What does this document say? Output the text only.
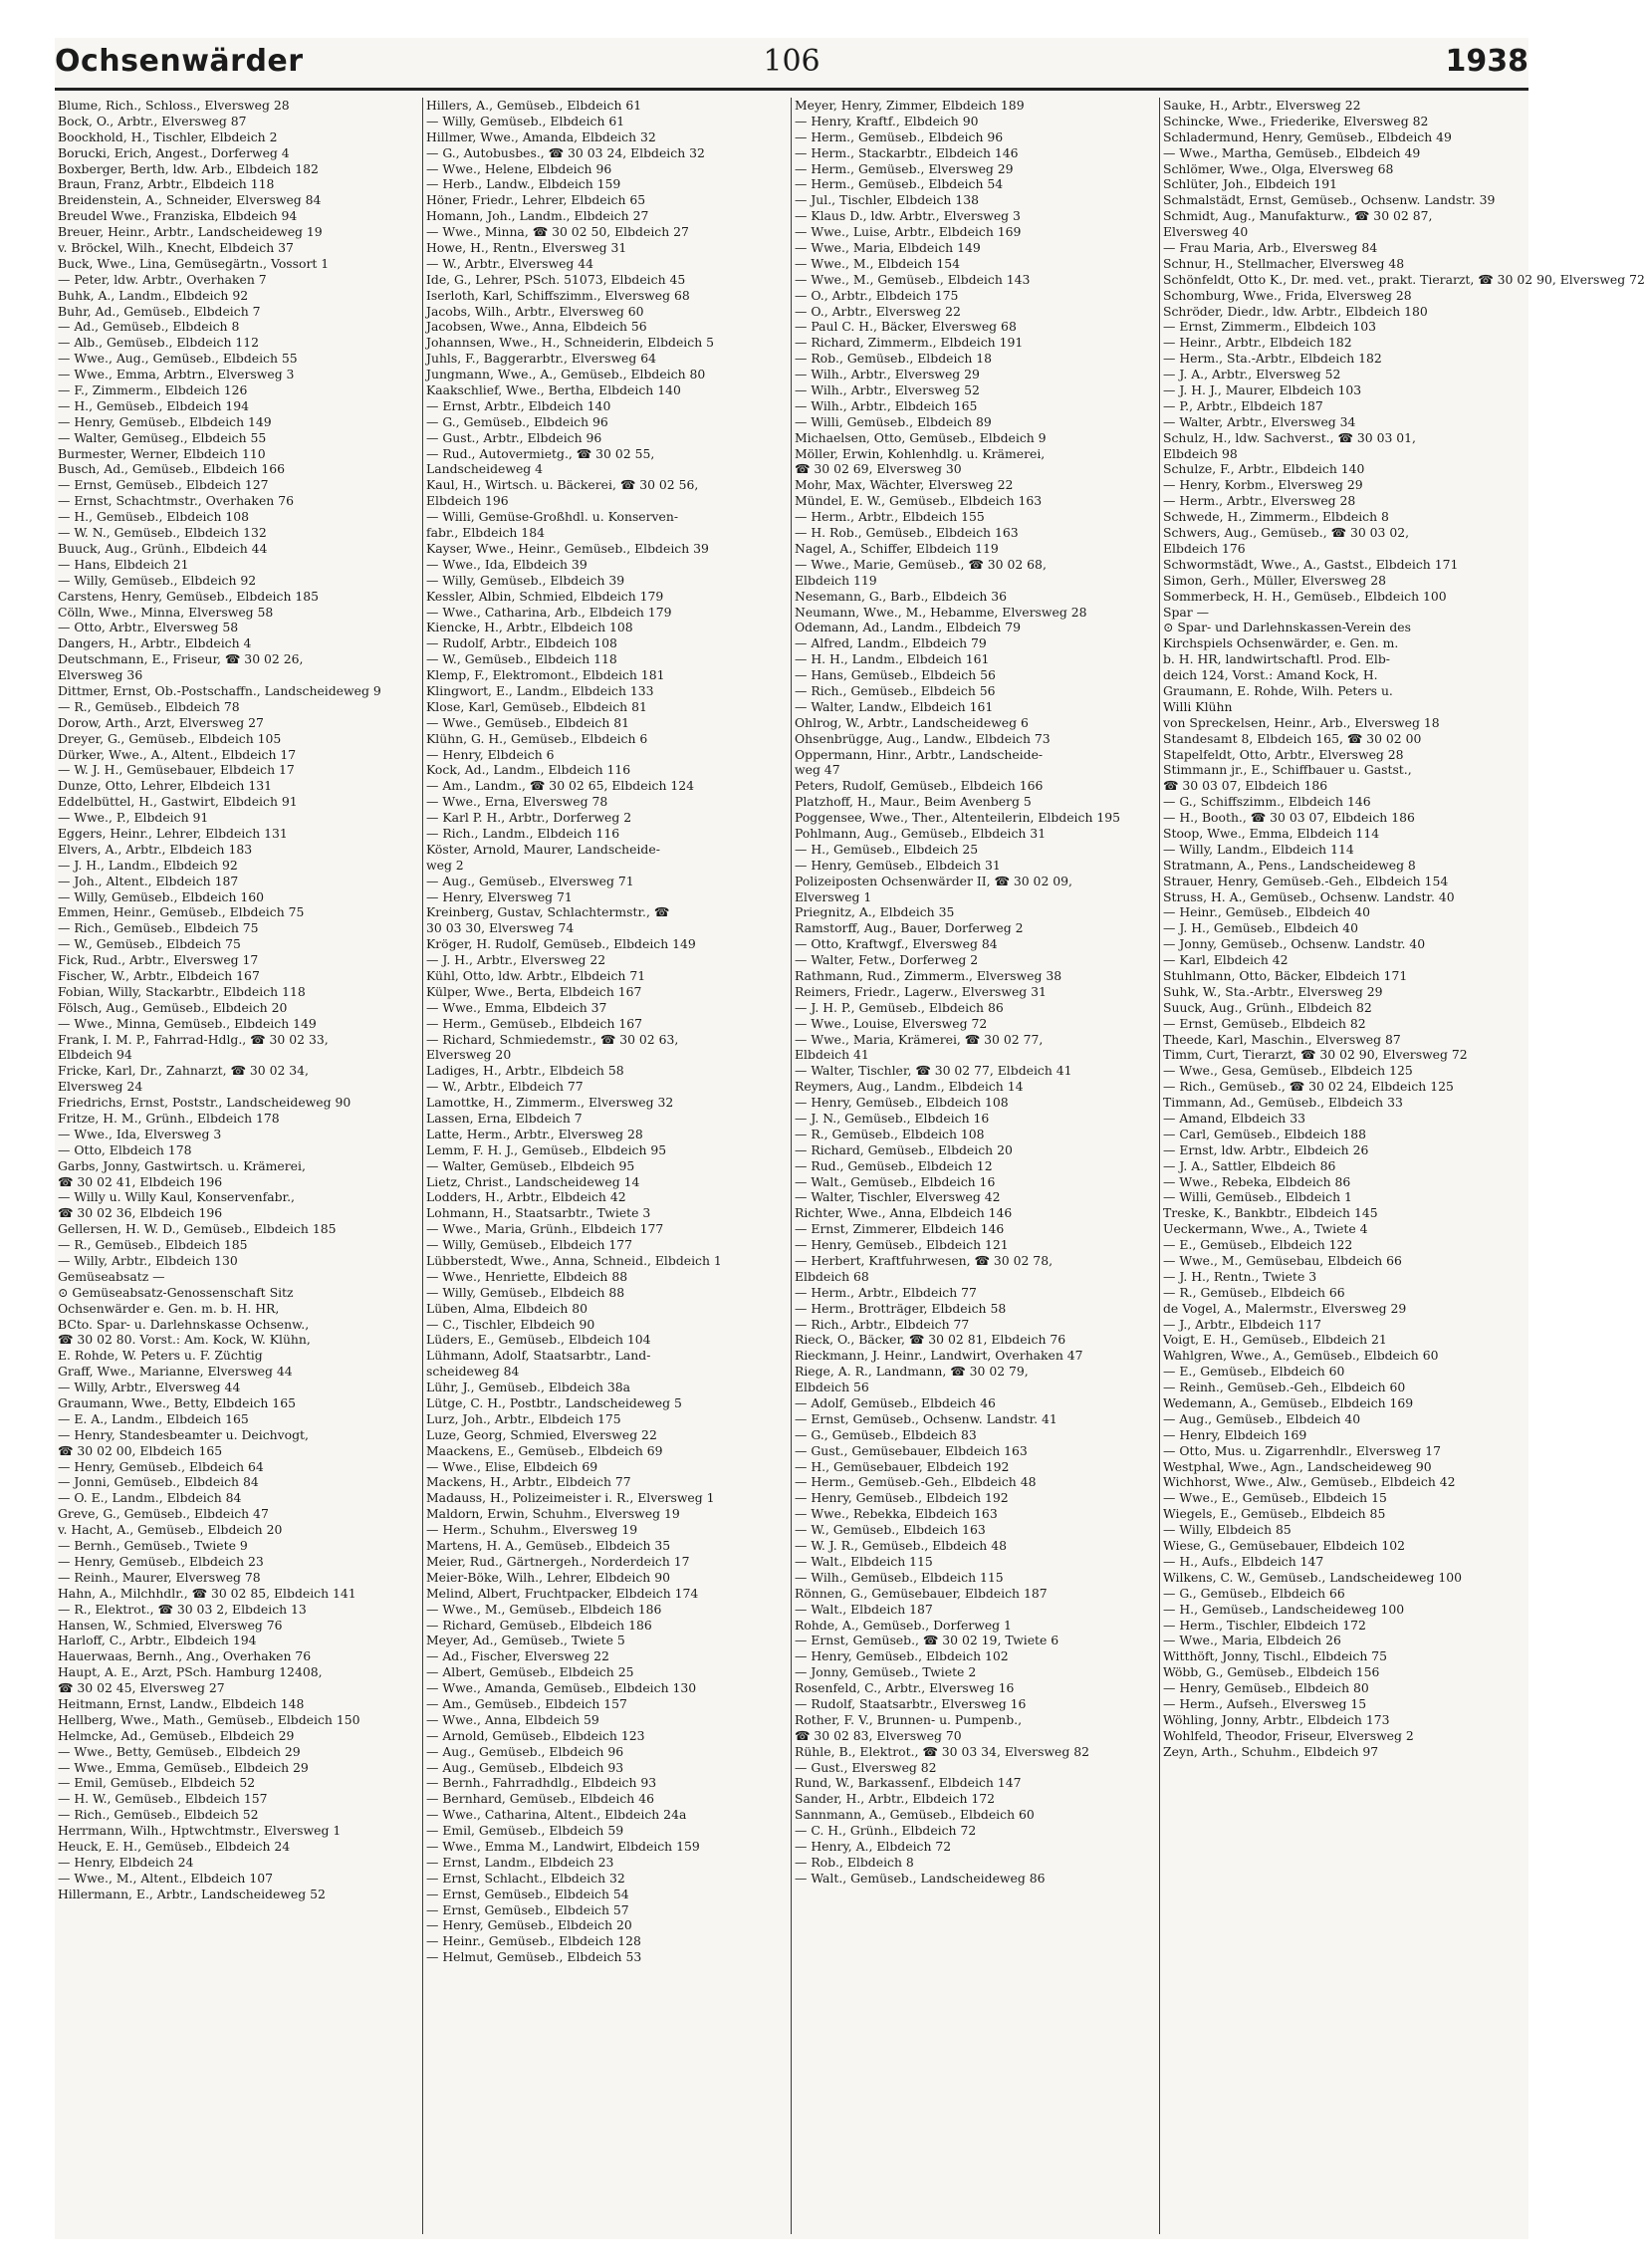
Ochsenwärder	106	1938
Blume, Rich., Schloss., Elversweg 28
Bock, O., Arbtr., Elversweg 87
Boockhold, H., Tischler, Elbdeich 2
Borucki, Erich, Angest., Dorferweg 4
Boxberger, Berth, ldw. Arb., Elbdeich 182
Braun, Franz, Arbtr., Elbdeich 118
Breidenstein, A., Schneider, Elversweg 84
Breudel Wwe., Franziska, Elbdeich 94
Breuer, Heinr., Arbtr., Landscheideweg 19
v. Bröckel, Wilh., Knecht, Elbdeich 37
Buck, Wwe., Lina, Gemüsegärtn., Vossort 1
— Peter, ldw. Arbtr., Overhaken 7
Buhk, A., Landm., Elbdeich 92
Buhr, Ad., Gemüseb., Elbdeich 7
— Ad., Gemüseb., Elbdeich 8
— Alb., Gemüseb., Elbdeich 112
— Wwe., Aug., Gemüseb., Elbdeich 55
— Wwe., Emma, Arbtrn., Elversweg 3
— F., Zimmerm., Elbdeich 126
— H., Gemüseb., Elbdeich 194
— Henry, Gemüseb., Elbdeich 149
— Walter, Gemüseg., Elbdeich 55
Burmester, Werner, Elbdeich 110
Busch, Ad., Gemüseb., Elbdeich 166
— Ernst, Gemüseb., Elbdeich 127
— Ernst, Schachtmstr., Overhaken 76
— H., Gemüseb., Elbdeich 108
— W. N., Gemüseb., Elbdeich 132
Buuck, Aug., Grünh., Elbdeich 44
— Hans, Elbdeich 21
— Willy, Gemüseb., Elbdeich 92
Carstens, Henry, Gemüseb., Elbdeich 185
Cölln, Wwe., Minna, Elversweg 58
— Otto, Arbtr., Elversweg 58
Dangers, H., Arbtr., Elbdeich 4
Deutschmann, E., Friseur, ☎ 30 02 26,
Elversweg 36
Dittmer, Ernst, Ob.-Postschaffn., Landscheideweg 9
— R., Gemüseb., Elbdeich 78
Dorow, Arth., Arzt, Elversweg 27
Dreyer, G., Gemüseb., Elbdeich 105
Dürker, Wwe., A., Altent., Elbdeich 17
— W. J. H., Gemüsebauer, Elbdeich 17
Dunze, Otto, Lehrer, Elbdeich 131
Eddelbüttel, H., Gastwirt, Elbdeich 91
— Wwe., P., Elbdeich 91
Eggers, Heinr., Lehrer, Elbdeich 131
Elvers, A., Arbtr., Elbdeich 183
— J. H., Landm., Elbdeich 92
— Joh., Altent., Elbdeich 187
— Willy, Gemüseb., Elbdeich 160
Emmen, Heinr., Gemüseb., Elbdeich 75
— Rich., Gemüseb., Elbdeich 75
— W., Gemüseb., Elbdeich 75
Fick, Rud., Arbtr., Elversweg 17
Fischer, W., Arbtr., Elbdeich 167
Fobian, Willy, Stackarbtr., Elbdeich 118
Fölsch, Aug., Gemüseb., Elbdeich 20
— Wwe., Minna, Gemüseb., Elbdeich 149
Frank, I. M. P., Fahrrad-Hdlg., ☎ 30 02 33,
Elbdeich 94
Fricke, Karl, Dr., Zahnarzt, ☎ 30 02 34,
Elversweg 24
Friedrichs, Ernst, Poststr., Landscheideweg 90
Fritze, H. M., Grünh., Elbdeich 178
— Wwe., Ida, Elversweg 3
— Otto, Elbdeich 178
Garbs, Jonny, Gastwirtsch. u. Krämerei,
☎ 30 02 41, Elbdeich 196
— Willy u. Willy Kaul, Konservenfabr.,
☎ 30 02 36, Elbdeich 196
Gellersen, H. W. D., Gemüseb., Elbdeich 185
— R., Gemüseb., Elbdeich 185
— Willy, Arbtr., Elbdeich 130
Gemüseabsatz —
⊙ Gemüseabsatz-Genossenschaft Sitz
Ochsenwärder e. Gen. m. b. H. HR,
BCto. Spar- u. Darlehnskasse Ochsenw.,
☎ 30 02 80. Vorst.: Am. Kock, W. Klühn,
E. Rohde, W. Peters u. F. Züchtig
Graff, Wwe., Marianne, Elversweg 44
— Willy, Arbtr., Elversweg 44
Graumann, Wwe., Betty, Elbdeich 165
— E. A., Landm., Elbdeich 165
— Henry, Standesbeamter u. Deichvogt,
☎ 30 02 00, Elbdeich 165
— Henry, Gemüseb., Elbdeich 64
— Jonni, Gemüseb., Elbdeich 84
— O. E., Landm., Elbdeich 84
Greve, G., Gemüseb., Elbdeich 47
v. Hacht, A., Gemüseb., Elbdeich 20
— Bernh., Gemüseb., Twiete 9
— Henry, Gemüseb., Elbdeich 23
— Reinh., Maurer, Elversweg 78
Hahn, A., Milchhdlr., ☎ 30 02 85, Elbdeich 141
— R., Elektrot., ☎ 30 03 2, Elbdeich 13
Hansen, W., Schmied, Elversweg 76
Harloff, C., Arbtr., Elbdeich 194
Hauerwaas, Bernh., Ang., Overhaken 76
Haupt, A. E., Arzt, PSch. Hamburg 12408,
☎ 30 02 45, Elversweg 27
Heitmann, Ernst, Landw., Elbdeich 148
Hellberg, Wwe., Math., Gemüseb., Elbdeich 150
Helmcke, Ad., Gemüseb., Elbdeich 29
— Wwe., Betty, Gemüseb., Elbdeich 29
— Wwe., Emma, Gemüseb., Elbdeich 29
— Emil, Gemüseb., Elbdeich 52
— H. W., Gemüseb., Elbdeich 157
— Rich., Gemüseb., Elbdeich 52
Herrmann, Wilh., Hptwchtmstr., Elversweg 1
Heuck, E. H., Gemüseb., Elbdeich 24
— Henry, Elbdeich 24
— Wwe., M., Altent., Elbdeich 107
Hillermann, E., Arbtr., Landscheideweg 52
Hillers, A., Gemüseb., Elbdeich 61
— Willy, Gemüseb., Elbdeich 61
Hillmer, Wwe., Amanda, Elbdeich 32
— G., Autobusbes., ☎ 30 03 24, Elbdeich 32
— Wwe., Helene, Elbdeich 96
— Herb., Landw., Elbdeich 159
Höner, Friedr., Lehrer, Elbdeich 65
Homann, Joh., Landm., Elbdeich 27
— Wwe., Minna, ☎ 30 02 50, Elbdeich 27
Howe, H., Rentn., Elversweg 31
— W., Arbtr., Elversweg 44
Ide, G., Lehrer, PSch. 51073, Elbdeich 45
Iserloth, Karl, Schiffszimm., Elversweg 68
Jacobs, Wilh., Arbtr., Elversweg 60
Jacobsen, Wwe., Anna, Elbdeich 56
Johannsen, Wwe., H., Schneiderin, Elbdeich 5
Juhls, F., Baggerarbtr., Elversweg 64
Jungmann, Wwe., A., Gemüseb., Elbdeich 80
Kaakschlief, Wwe., Bertha, Elbdeich 140
— Ernst, Arbtr., Elbdeich 140
— G., Gemüseb., Elbdeich 96
— Gust., Arbtr., Elbdeich 96
— Rud., Autovermietg., ☎ 30 02 55,
Landscheideweg 4
Kaul, H., Wirtsch. u. Bäckerei, ☎ 30 02 56,
Elbdeich 196
— Willi, Gemüse-Großhdl. u. Konserven-
fabr., Elbdeich 184
Kayser, Wwe., Heinr., Gemüseb., Elbdeich 39
— Wwe., Ida, Elbdeich 39
— Willy, Gemüseb., Elbdeich 39
Kessler, Albin, Schmied, Elbdeich 179
— Wwe., Catharina, Arb., Elbdeich 179
Kiencke, H., Arbtr., Elbdeich 108
— Rudolf, Arbtr., Elbdeich 108
— W., Gemüseb., Elbdeich 118
Klemp, F., Elektromont., Elbdeich 181
Klingwort, E., Landm., Elbdeich 133
Klose, Karl, Gemüseb., Elbdeich 81
— Wwe., Gemüseb., Elbdeich 81
Klühn, G. H., Gemüseb., Elbdeich 6
— Henry, Elbdeich 6
Kock, Ad., Landm., Elbdeich 116
— Am., Landm., ☎ 30 02 65, Elbdeich 124
— Wwe., Erna, Elversweg 78
— Karl P. H., Arbtr., Dorferweg 2
— Rich., Landm., Elbdeich 116
Köster, Arnold, Maurer, Landscheide-
weg 2
— Aug., Gemüseb., Elversweg 71
— Henry, Elversweg 71
Kreinberg, Gustav, Schlachtermstr., ☎
30 03 30, Elversweg 74
Kröger, H. Rudolf, Gemüseb., Elbdeich 149
— J. H., Arbtr., Elversweg 22
Kühl, Otto, ldw. Arbtr., Elbdeich 71
Külper, Wwe., Berta, Elbdeich 167
— Wwe., Emma, Elbdeich 37
— Herm., Gemüseb., Elbdeich 167
— Richard, Schmiedemstr., ☎ 30 02 63,
Elversweg 20
Ladiges, H., Arbtr., Elbdeich 58
— W., Arbtr., Elbdeich 77
Lamottke, H., Zimmerm., Elversweg 32
Lassen, Erna, Elbdeich 7
Latte, Herm., Arbtr., Elversweg 28
Lemm, F. H. J., Gemüseb., Elbdeich 95
— Walter, Gemüseb., Elbdeich 95
Lietz, Christ., Landscheideweg 14
Lodders, H., Arbtr., Elbdeich 42
Lohmann, H., Staatsarbtr., Twiete 3
— Wwe., Maria, Grünh., Elbdeich 177
— Willy, Gemüseb., Elbdeich 177
Lübberstedt, Wwe., Anna, Schneid., Elbdeich 1
— Wwe., Henriette, Elbdeich 88
— Willy, Gemüseb., Elbdeich 88
Lüben, Alma, Elbdeich 80
— C., Tischler, Elbdeich 90
Lüders, E., Gemüseb., Elbdeich 104
Lühmann, Adolf, Staatsarbtr., Land-
scheideweg 84
Lühr, J., Gemüseb., Elbdeich 38a
Lütge, C. H., Postbtr., Landscheideweg 5
Lurz, Joh., Arbtr., Elbdeich 175
Luze, Georg, Schmied, Elversweg 22
Maackens, E., Gemüseb., Elbdeich 69
— Wwe., Elise, Elbdeich 69
Mackens, H., Arbtr., Elbdeich 77
Madauss, H., Polizeimeister i. R., Elversweg 1
Maldorn, Erwin, Schuhm., Elversweg 19
— Herm., Schuhm., Elversweg 19
Martens, H. A., Gemüseb., Elbdeich 35
Meier, Rud., Gärtnergeh., Norderdeich 17
Meier-Böke, Wilh., Lehrer, Elbdeich 90
Melind, Albert, Fruchtpacker, Elbdeich 174
— Wwe., M., Gemüseb., Elbdeich 186
— Richard, Gemüseb., Elbdeich 186
Meyer, Ad., Gemüseb., Twiete 5
— Ad., Fischer, Elversweg 22
— Albert, Gemüseb., Elbdeich 25
— Wwe., Amanda, Gemüseb., Elbdeich 130
— Am., Gemüseb., Elbdeich 157
— Wwe., Anna, Elbdeich 59
— Arnold, Gemüseb., Elbdeich 123
— Aug., Gemüseb., Elbdeich 96
— Aug., Gemüseb., Elbdeich 93
— Bernh., Fahrradhdlg., Elbdeich 93
— Bernhard, Gemüseb., Elbdeich 46
— Wwe., Catharina, Altent., Elbdeich 24a
— Emil, Gemüseb., Elbdeich 59
— Wwe., Emma M., Landwirt, Elbdeich 159
— Ernst, Landm., Elbdeich 23
— Ernst, Schlacht., Elbdeich 32
— Ernst, Gemüseb., Elbdeich 54
— Ernst, Gemüseb., Elbdeich 57
— Henry, Gemüseb., Elbdeich 20
— Heinr., Gemüseb., Elbdeich 128
— Helmut, Gemüseb., Elbdeich 53
Meyer, Henry, Zimmer, Elbdeich 189
— Henry, Kraftf., Elbdeich 90
— Herm., Gemüseb., Elbdeich 96
— Herm., Stackarbtr., Elbdeich 146
— Herm., Gemüseb., Elversweg 29
— Herm., Gemüseb., Elbdeich 54
— Jul., Tischler, Elbdeich 138
— Klaus D., ldw. Arbtr., Elversweg 3
— Wwe., Luise, Arbtr., Elbdeich 169
— Wwe., Maria, Elbdeich 149
— Wwe., M., Elbdeich 154
— Wwe., M., Gemüseb., Elbdeich 143
— O., Arbtr., Elbdeich 175
— O., Arbtr., Elversweg 22
— Paul C. H., Bäcker, Elversweg 68
— Richard, Zimmerm., Elbdeich 191
— Rob., Gemüseb., Elbdeich 18
— Wilh., Arbtr., Elversweg 29
— Wilh., Arbtr., Elversweg 52
— Wilh., Arbtr., Elbdeich 165
— Willi, Gemüseb., Elbdeich 89
Michaelsen, Otto, Gemüseb., Elbdeich 9
Möller, Erwin, Kohlenhdlg. u. Krämerei,
☎ 30 02 69, Elversweg 30
Mohr, Max, Wächter, Elversweg 22
Mündel, E. W., Gemüseb., Elbdeich 163
— Herm., Arbtr., Elbdeich 155
— H. Rob., Gemüseb., Elbdeich 163
Nagel, A., Schiffer, Elbdeich 119
— Wwe., Marie, Gemüseb., ☎ 30 02 68,
Elbdeich 119
Nesemann, G., Barb., Elbdeich 36
Neumann, Wwe., M., Hebamme, Elversweg 28
Odemann, Ad., Landm., Elbdeich 79
— Alfred, Landm., Elbdeich 79
— H. H., Landm., Elbdeich 161
— Hans, Gemüseb., Elbdeich 56
— Rich., Gemüseb., Elbdeich 56
— Walter, Landw., Elbdeich 161
Ohlrog, W., Arbtr., Landscheideweg 6
Ohsenbrügge, Aug., Landw., Elbdeich 73
Oppermann, Hinr., Arbtr., Landscheide-
weg 47
Peters, Rudolf, Gemüseb., Elbdeich 166
Platzhoff, H., Maur., Beim Avenberg 5
Poggensee, Wwe., Ther., Altenteilerin, Elbdeich 195
Pohlmann, Aug., Gemüseb., Elbdeich 31
— H., Gemüseb., Elbdeich 25
— Henry, Gemüseb., Elbdeich 31
Polizeiposten Ochsenwärder II, ☎ 30 02 09,
Elversweg 1
Priegnitz, A., Elbdeich 35
Ramstorff, Aug., Bauer, Dorferweg 2
— Otto, Kraftwgf., Elversweg 84
— Walter, Fetw., Dorferweg 2
Rathmann, Rud., Zimmerm., Elversweg 38
Reimers, Friedr., Lagerw., Elversweg 31
— J. H. P., Gemüseb., Elbdeich 86
— Wwe., Louise, Elversweg 72
— Wwe., Maria, Krämerei, ☎ 30 02 77,
Elbdeich 41
— Walter, Tischler, ☎ 30 02 77, Elbdeich 41
Reymers, Aug., Landm., Elbdeich 14
— Henry, Gemüseb., Elbdeich 108
— J. N., Gemüseb., Elbdeich 16
— R., Gemüseb., Elbdeich 108
— Richard, Gemüseb., Elbdeich 20
— Rud., Gemüseb., Elbdeich 12
— Walt., Gemüseb., Elbdeich 16
— Walter, Tischler, Elversweg 42
Richter, Wwe., Anna, Elbdeich 146
— Ernst, Zimmerer, Elbdeich 146
— Henry, Gemüseb., Elbdeich 121
— Herbert, Kraftfuhrwesen, ☎ 30 02 78,
Elbdeich 68
— Herm., Arbtr., Elbdeich 77
— Herm., Brotträger, Elbdeich 58
— Rich., Arbtr., Elbdeich 77
Rieck, O., Bäcker, ☎ 30 02 81, Elbdeich 76
Rieckmann, J. Heinr., Landwirt, Overhaken 47
Riege, A. R., Landmann, ☎ 30 02 79,
Elbdeich 56
— Adolf, Gemüseb., Elbdeich 46
— Ernst, Gemüseb., Ochsenw. Landstr. 41
— G., Gemüseb., Elbdeich 83
— Gust., Gemüsebauer, Elbdeich 163
— H., Gemüsebauer, Elbdeich 192
— Herm., Gemüseb.-Geh., Elbdeich 48
— Henry, Gemüseb., Elbdeich 192
— Wwe., Rebekka, Elbdeich 163
— W., Gemüseb., Elbdeich 163
— W. J. R., Gemüseb., Elbdeich 48
— Walt., Elbdeich 115
— Wilh., Gemüseb., Elbdeich 115
Rönnen, G., Gemüsebauer, Elbdeich 187
— Walt., Elbdeich 187
Rohde, A., Gemüseb., Dorferweg 1
— Ernst, Gemüseb., ☎ 30 02 19, Twiete 6
— Henry, Gemüseb., Elbdeich 102
— Jonny, Gemüseb., Twiete 2
Rosenfeld, C., Arbtr., Elversweg 16
— Rudolf, Staatsarbtr., Elversweg 16
Rother, F. V., Brunnen- u. Pumpenb.,
☎ 30 02 83, Elversweg 70
Rühle, B., Elektrot., ☎ 30 03 34, Elversweg 82
— Gust., Elversweg 82
Rund, W., Barkassenf., Elbdeich 147
Sander, H., Arbtr., Elbdeich 172
Sannmann, A., Gemüseb., Elbdeich 60
— C. H., Grünh., Elbdeich 72
— Henry, A., Elbdeich 72
— Rob., Elbdeich 8
— Walt., Gemüseb., Landscheideweg 86
Sauke, H., Arbtr., Elversweg 22
Schincke, Wwe., Friederike, Elversweg 82
Schladermund, Henry, Gemüseb., Elbdeich 49
— Wwe., Martha, Gemüseb., Elbdeich 49
Schlömer, Wwe., Olga, Elversweg 68
Schlüter, Joh., Elbdeich 191
Schmalstädt, Ernst, Gemüseb., Ochsenw. Landstr. 39
Schmidt, Aug., Manufakturw., ☎ 30 02 87,
Elversweg 40
— Frau Maria, Arb., Elversweg 84
Schnur, H., Stellmacher, Elversweg 48
Schönfeldt, Otto K., Dr. med. vet., prakt. Tierarzt, ☎ 30 02 90, Elversweg 72
Schomburg, Wwe., Frida, Elversweg 28
Schröder, Diedr., ldw. Arbtr., Elbdeich 180
— Ernst, Zimmerm., Elbdeich 103
— Heinr., Arbtr., Elbdeich 182
— Herm., Sta.-Arbtr., Elbdeich 182
— J. A., Arbtr., Elversweg 52
— J. H. J., Maurer, Elbdeich 103
— P., Arbtr., Elbdeich 187
— Walter, Arbtr., Elversweg 34
Schulz, H., ldw. Sachverst., ☎ 30 03 01,
Elbdeich 98
Schulze, F., Arbtr., Elbdeich 140
— Henry, Korbm., Elversweg 29
— Herm., Arbtr., Elversweg 28
Schwede, H., Zimmerm., Elbdeich 8
Schwers, Aug., Gemüseb., ☎ 30 03 02,
Elbdeich 176
Schwormstädt, Wwe., A., Gastst., Elbdeich 171
Simon, Gerh., Müller, Elversweg 28
Sommerbeck, H. H., Gemüseb., Elbdeich 100
Spar —
⊙ Spar- und Darlehnskassen-Verein des
Kirchspiels Ochsenwärder, e. Gen. m.
b. H. HR, landwirtschaftl. Prod. Elb-
deich 124, Vorst.: Amand Kock, H.
Graumann, E. Rohde, Wilh. Peters u.
Willi Klühn
von Spreckelsen, Heinr., Arb., Elversweg 18
Standesamt 8, Elbdeich 165, ☎ 30 02 00
Stapelfeldt, Otto, Arbtr., Elversweg 28
Stimmann jr., E., Schiffbauer u. Gastst.,
☎ 30 03 07, Elbdeich 186
— G., Schiffszimm., Elbdeich 146
— H., Booth., ☎ 30 03 07, Elbdeich 186
Stoop, Wwe., Emma, Elbdeich 114
— Willy, Landm., Elbdeich 114
Stratmann, A., Pens., Landscheideweg 8
Strauer, Henry, Gemüseb.-Geh., Elbdeich 154
Struss, H. A., Gemüseb., Ochsenw. Landstr. 40
— Heinr., Gemüseb., Elbdeich 40
— J. H., Gemüseb., Elbdeich 40
— Jonny, Gemüseb., Ochsenw. Landstr. 40
— Karl, Elbdeich 42
Stuhlmann, Otto, Bäcker, Elbdeich 171
Suhk, W., Sta.-Arbtr., Elversweg 29
Suuck, Aug., Grünh., Elbdeich 82
— Ernst, Gemüseb., Elbdeich 82
Theede, Karl, Maschin., Elversweg 87
Timm, Curt, Tierarzt, ☎ 30 02 90, Elversweg 72
— Wwe., Gesa, Gemüseb., Elbdeich 125
— Rich., Gemüseb., ☎ 30 02 24, Elbdeich 125
Timmann, Ad., Gemüseb., Elbdeich 33
— Amand, Elbdeich 33
— Carl, Gemüseb., Elbdeich 188
— Ernst, ldw. Arbtr., Elbdeich 26
— J. A., Sattler, Elbdeich 86
— Wwe., Rebeka, Elbdeich 86
— Willi, Gemüseb., Elbdeich 1
Treske, K., Bankbtr., Elbdeich 145
Ueckermann, Wwe., A., Twiete 4
— E., Gemüseb., Elbdeich 122
— Wwe., M., Gemüsebau, Elbdeich 66
— J. H., Rentn., Twiete 3
— R., Gemüseb., Elbdeich 66
de Vogel, A., Malermstr., Elversweg 29
— J., Arbtr., Elbdeich 117
Voigt, E. H., Gemüseb., Elbdeich 21
Wahlgren, Wwe., A., Gemüseb., Elbdeich 60
— E., Gemüseb., Elbdeich 60
— Reinh., Gemüseb.-Geh., Elbdeich 60
Wedemann, A., Gemüseb., Elbdeich 169
— Aug., Gemüseb., Elbdeich 40
— Henry, Elbdeich 169
— Otto, Mus. u. Zigarrenhdlr., Elversweg 17
Westphal, Wwe., Agn., Landscheideweg 90
Wichhorst, Wwe., Alw., Gemüseb., Elbdeich 42
— Wwe., E., Gemüseb., Elbdeich 15
Wiegels, E., Gemüseb., Elbdeich 85
— Willy, Elbdeich 85
Wiese, G., Gemüsebauer, Elbdeich 102
— H., Aufs., Elbdeich 147
Wilkens, C. W., Gemüseb., Landscheideweg 100
— G., Gemüseb., Elbdeich 66
— H., Gemüseb., Landscheideweg 100
— Herm., Tischler, Elbdeich 172
— Wwe., Maria, Elbdeich 26
Witthöft, Jonny, Tischl., Elbdeich 75
Wöbb, G., Gemüseb., Elbdeich 156
— Henry, Gemüseb., Elbdeich 80
— Herm., Aufseh., Elversweg 15
Wöhling, Jonny, Arbtr., Elbdeich 173
Wohlfeld, Theodor, Friseur, Elversweg 2
Zeyn, Arth., Schuhm., Elbdeich 97
